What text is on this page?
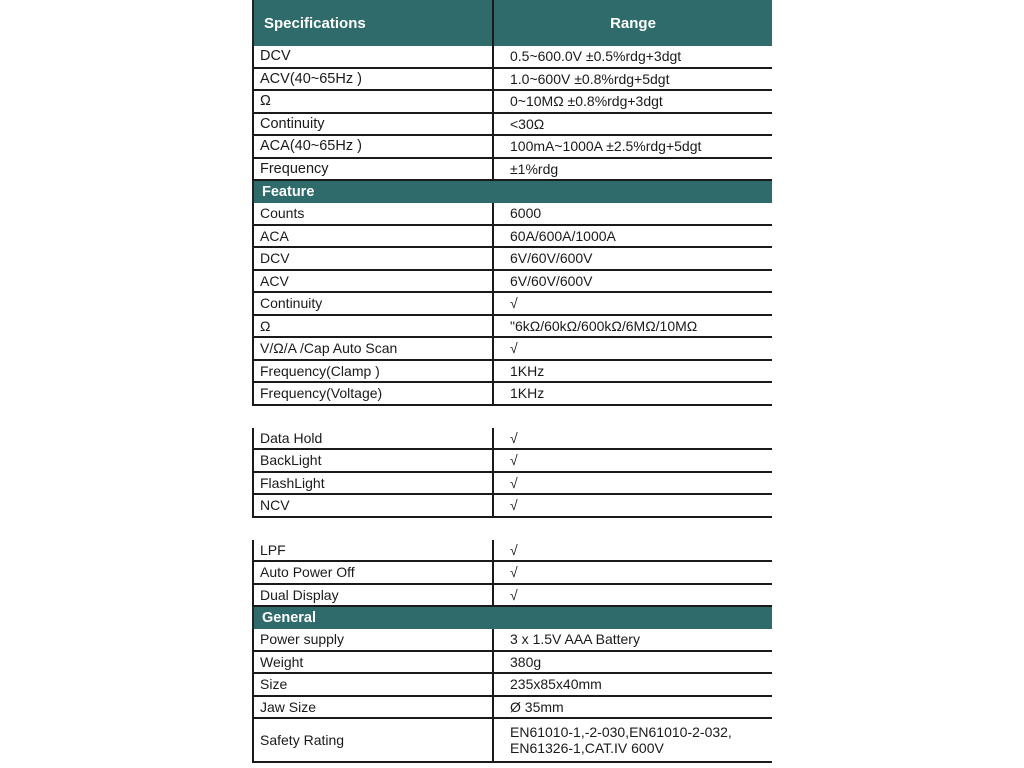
Specifications	Range
DCV	0.5~600.0V ±0.5%rdg+3dgt
ACV(40~65Hz )	1.0~600V ±0.8%rdg+5dgt
Ω	0~10MΩ ±0.8%rdg+3dgt
Continuity	<30Ω
ACA(40~65Hz )	100mA~1000A ±2.5%rdg+5dgt
Frequency	±1%rdg
Feature
Counts	6000
ACA	60A/600A/1000A
DCV	6V/60V/600V
ACV	6V/60V/600V
Continuity	√
Ω	"6kΩ/60kΩ/600kΩ/6MΩ/10MΩ
V/Ω/A /Cap Auto Scan	√
Frequency(Clamp )	1KHz
Frequency(Voltage)	1KHz
Data Hold	√
BackLight	√
FlashLight	√
NCV	√
LPF	√
Auto Power Off	√
Dual Display	√
General
Power supply	3 x 1.5V AAA Battery
Weight	380g
Size	235x85x40mm
Jaw Size	Ø 35mm
Safety Rating	EN61010-1,-2-030,EN61010-2-032, EN61326-1,CAT.IV 600V
